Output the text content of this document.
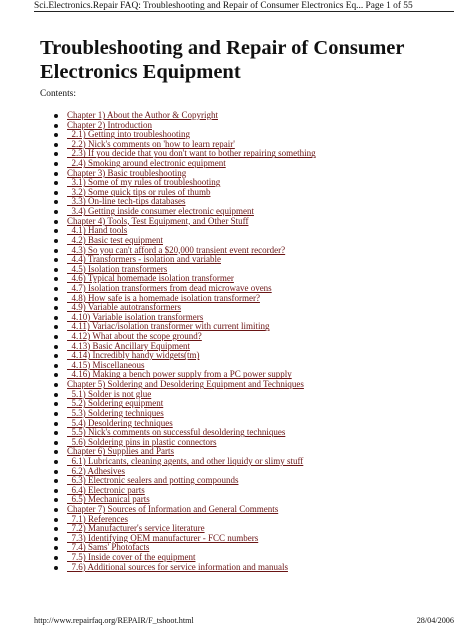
Sci.Electronics.Repair FAQ: Troubleshooting and Repair of Consumer Electronics Eq... Page 1 of 55
Troubleshooting and Repair of Consumer Electronics Equipment
Contents:
Chapter 1) About the Author & Copyright
Chapter 2) Introduction
2.1) Getting into troubleshooting
2.2) Nick's comments on 'how to learn repair'
2.3) If you decide that you don't want to bother repairing something
2.4) Smoking around electronic equipment
Chapter 3) Basic troubleshooting
3.1) Some of my rules of troubleshooting
3.2) Some quick tips or rules of thumb
3.3) On-line tech-tips databases
3.4) Getting inside consumer electronic equipment
Chapter 4) Tools, Test Equipment, and Other Stuff
4.1) Hand tools
4.2) Basic test equipment
4.3) So you can't afford a $20,000 transient event recorder?
4.4) Transformers - isolation and variable
4.5) Isolation transformers
4.6) Typical homemade isolation transformer
4.7) Isolation transformers from dead microwave ovens
4.8) How safe is a homemade isolation transformer?
4.9) Variable autotransformers
4.10) Variable isolation transformers
4.11) Variac/isolation transformer with current limiting
4.12) What about the scope ground?
4.13) Basic Ancillary Equipment
4.14) Incredibly handy widgets(tm)
4.15) Miscellaneous
4.16) Making a bench power supply from a PC power supply
Chapter 5) Soldering and Desoldering Equipment and Techniques
5.1) Solder is not glue
5.2) Soldering equipment
5.3) Soldering techniques
5.4) Desoldering techniques
5.5) Nick's comments on successful desoldering techniques
5.6) Soldering pins in plastic connectors
Chapter 6) Supplies and Parts
6.1) Lubricants, cleaning agents, and other liquidy or slimy stuff
6.2) Adhesives
6.3) Electronic sealers and potting compounds
6.4) Electronic parts
6.5) Mechanical parts
Chapter 7) Sources of Information and General Comments
7.1) References
7.2) Manufacturer's service literature
7.3) Identifying OEM manufacturer - FCC numbers
7.4) Sams' Photofacts
7.5) Inside cover of the equipment
7.6) Additional sources for service information and manuals
http://www.repairfaq.org/REPAIR/F_tshoot.html	28/04/2006
